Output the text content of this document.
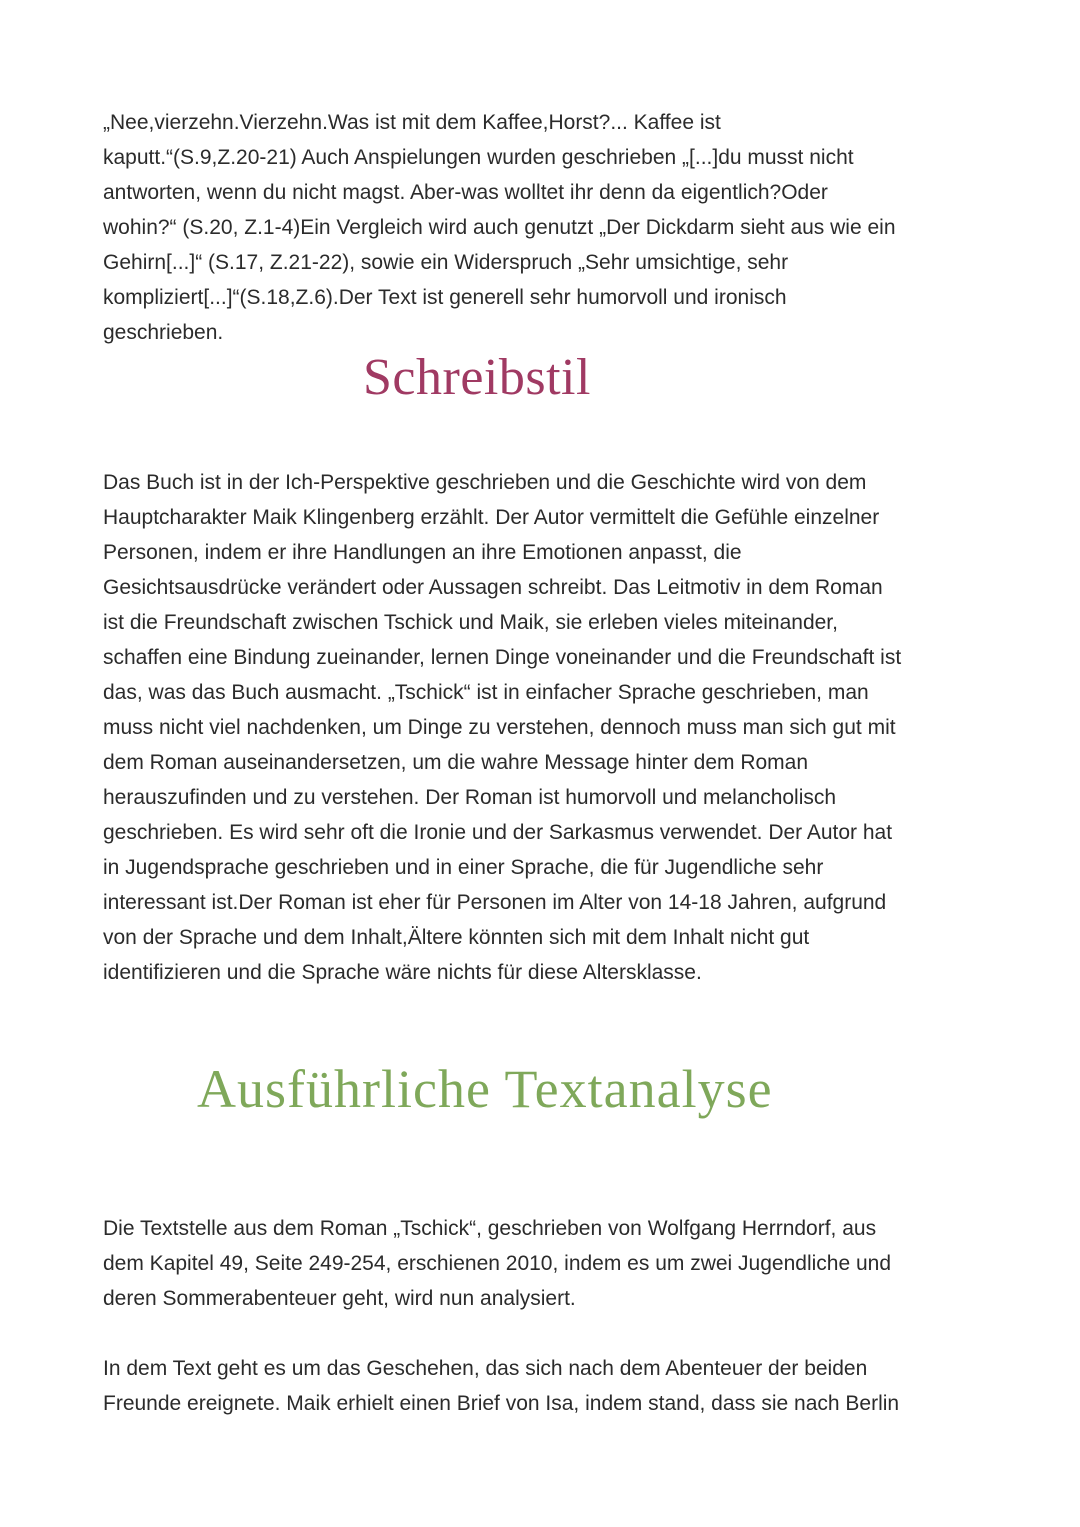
„Nee,vierzehn.Vierzehn.Was ist mit dem Kaffee,Horst?... Kaffee ist
kaputt.“(S.9,Z.20-21) Auch Anspielungen wurden geschrieben „[...]du musst nicht
antworten, wenn du nicht magst. Aber-was wolltet ihr denn da eigentlich?Oder
wohin?“ (S.20, Z.1-4)Ein Vergleich wird auch genutzt „Der Dickdarm sieht aus wie ein
Gehirn[...]“ (S.17, Z.21-22), sowie ein Widerspruch „Sehr umsichtige, sehr
kompliziert[...]“(S.18,Z.6).Der Text ist generell sehr humorvoll und ironisch
geschrieben.

Schreibstil

Das Buch ist in der Ich-Perspektive geschrieben und die Geschichte wird von dem
Hauptcharakter Maik Klingenberg erzählt. Der Autor vermittelt die Gefühle einzelner
Personen, indem er ihre Handlungen an ihre Emotionen anpasst, die
Gesichtsausdrücke verändert oder Aussagen schreibt. Das Leitmotiv in dem Roman
ist die Freundschaft zwischen Tschick und Maik, sie erleben vieles miteinander,
schaffen eine Bindung zueinander, lernen Dinge voneinander und die Freundschaft ist
das, was das Buch ausmacht. „Tschick“ ist in einfacher Sprache geschrieben, man
muss nicht viel nachdenken, um Dinge zu verstehen, dennoch muss man sich gut mit
dem Roman auseinandersetzen, um die wahre Message hinter dem Roman
herauszufinden und zu verstehen. Der Roman ist humorvoll und melancholisch
geschrieben. Es wird sehr oft die Ironie und der Sarkasmus verwendet. Der Autor hat
in Jugendsprache geschrieben und in einer Sprache, die für Jugendliche sehr
interessant ist.Der Roman ist eher für Personen im Alter von 14-18 Jahren, aufgrund
von der Sprache und dem Inhalt,Ältere könnten sich mit dem Inhalt nicht gut
identifizieren und die Sprache wäre nichts für diese Altersklasse.

Ausführliche Textanalyse

Die Textstelle aus dem Roman „Tschick“, geschrieben von Wolfgang Herrndorf, aus
dem Kapitel 49, Seite 249-254, erschienen 2010, indem es um zwei Jugendliche und
deren Sommerabenteuer geht, wird nun analysiert.

In dem Text geht es um das Geschehen, das sich nach dem Abenteuer der beiden
Freunde ereignete. Maik erhielt einen Brief von Isa, indem stand, dass sie nach Berlin
